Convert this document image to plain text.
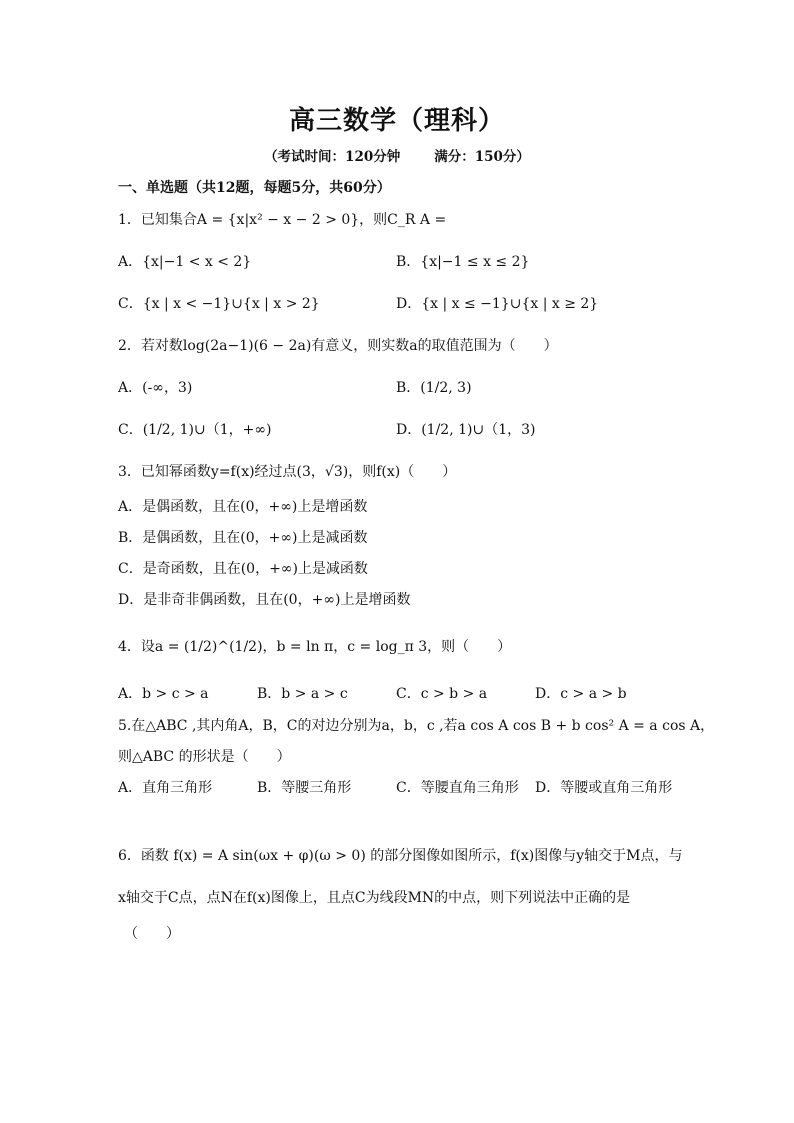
高三数学（理科）
（考试时间：120分钟	满分：150分）
一、单选题（共12题，每题5分，共60分）
1．已知集合A = {x|x² − x − 2 > 0}，则C_R A =
A．{x|−1 < x < 2}	B．{x|−1 ≤ x ≤ 2}
C．{x | x < −1}∪{x | x > 2}	D．{x | x ≤ −1}∪{x | x ≥ 2}
2．若对数log(2a−1)(6 − 2a)有意义，则实数a的取值范围为（　　）
A．(-∞，3)	B．(1/2, 3)
C．(1/2, 1)∪（1，+∞)	D．(1/2, 1)∪（1，3)
3．已知幂函数y=f(x)经过点(3，√3)，则f(x)（　　）
A．是偶函数，且在(0，+∞)上是增函数
B．是偶函数，且在(0，+∞)上是减函数
C．是奇函数，且在(0，+∞)上是减函数
D．是非奇非偶函数，且在(0，+∞)上是增函数
4．设a = (1/2)^(1/2)，b = ln π，c = log_π 3，则（　　）
A．b > c > a	B．b > a > c	C．c > b > a	D．c > a > b
5.在△ABC ,其内角A，B，C的对边分别为a，b，c ,若a cos A cos B + b cos² A = a cos A，
则△ABC 的形状是（　　）
A．直角三角形	B．等腰三角形	C．等腰直角三角形 D．等腰或直角三角形
6．函数 f(x) = A sin(ωx + φ)(ω > 0) 的部分图像如图所示，f(x)图像与y轴交于M点，与
x轴交于C点，点N在f(x)图像上，且点C为线段MN的中点，则下列说法中正确的是
（　　）
